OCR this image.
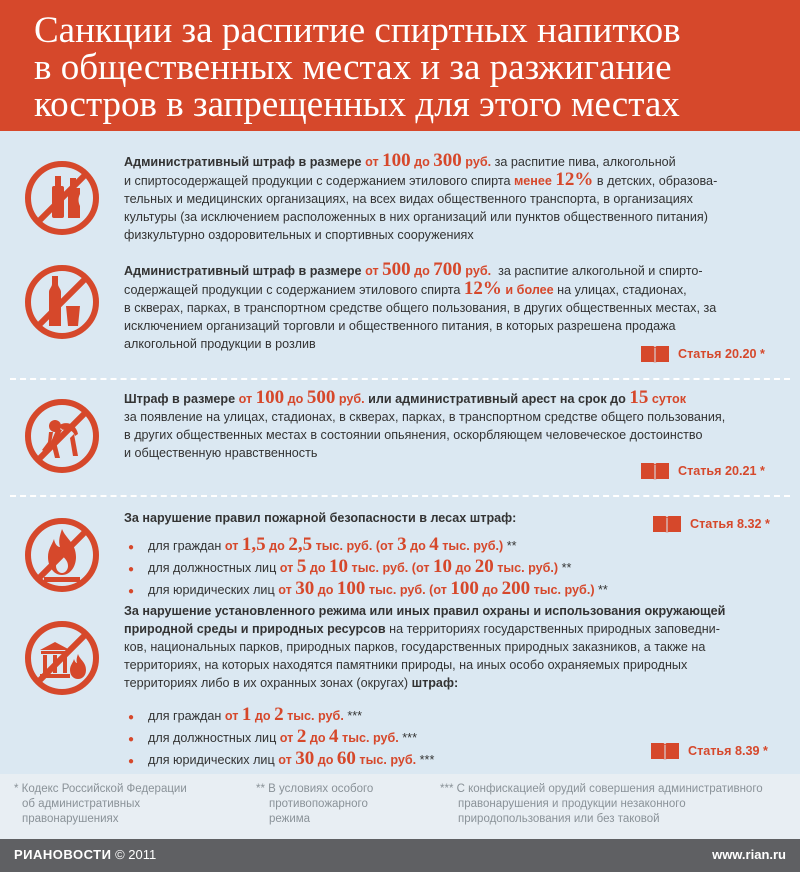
Санкции за распитие спиртных напитков
в общественных местах и за разжигание
костров в запрещенных для этого местах
Административный штраф в размере от 100 до 300 руб. за распитие пива, алкогольной
и спиртосодержащей продукции с содержанием этилового спирта менее 12% в детских, образова-
тельных и медицинских организациях, на всех видах общественного транспорта, в организациях
культуры (за исключением расположенных в них организаций или пунктов общественного питания)
физкультурно оздоровительных и спортивных сооружениях
Административный штраф в размере от 500 до 700 руб. за распитие алкогольной и спирто-
содержащей продукции с содержанием этилового спирта 12% и более на улицах, стадионах,
в скверах, парках, в транспортном средстве общего пользования, в других общественных местах, за
исключением организаций торговли и общественного питания, в которых разрешена продажа
алкогольной продукции в розлив
Статья 20.20 *
Штраф в размере от 100 до 500 руб. или административный арест на срок до 15 суток
за появление на улицах, стадионах, в скверах, парках, в транспортном средстве общего пользования,
в других общественных местах в состоянии опьянения, оскорбляющем человеческое достоинство
и общественную нравственность
Статья 20.21 *
За нарушение правил пожарной безопасности в лесах штраф:	Статья 8.32 *
●	для граждан
от
1,5
до
2,5
тыс. руб. (от
3
до
4
тыс. руб.)
**
●	для должностных лиц
от
5
до
10
тыс. руб. (от
10
до
20
тыс. руб.)
**
●	для юридических лиц
от
30
до
100
тыс. руб. (от
100
до
200
тыс. руб.)
**
За нарушение установленного режима или иных правил охраны и использования окружающей
природной среды и природных ресурсов на территориях государственных природных заповедни-
ков, национальных парков, природных парков, государственных природных заказников, а также на
территориях, на которых находятся памятники природы, на иных особо охраняемых природных
территориях либо в их охранных зонах (округах) штраф:
●	для граждан
от
1
до
2
тыс. руб.
***
●	для должностных лиц
от
2
до
4
тыс. руб.
***
●	для юридических лиц
от
30
до
60
тыс. руб.
***
Статья 8.39 *
* Кодекс Российской Федерации
об административных
правонарушениях
** В условиях особого
противопожарного
режима
*** С конфискацией орудий совершения административного
правонарушения и продукции незаконного
природопользования или без таковой
РИАНОВОСТИ © 2011	www.rian.ru
